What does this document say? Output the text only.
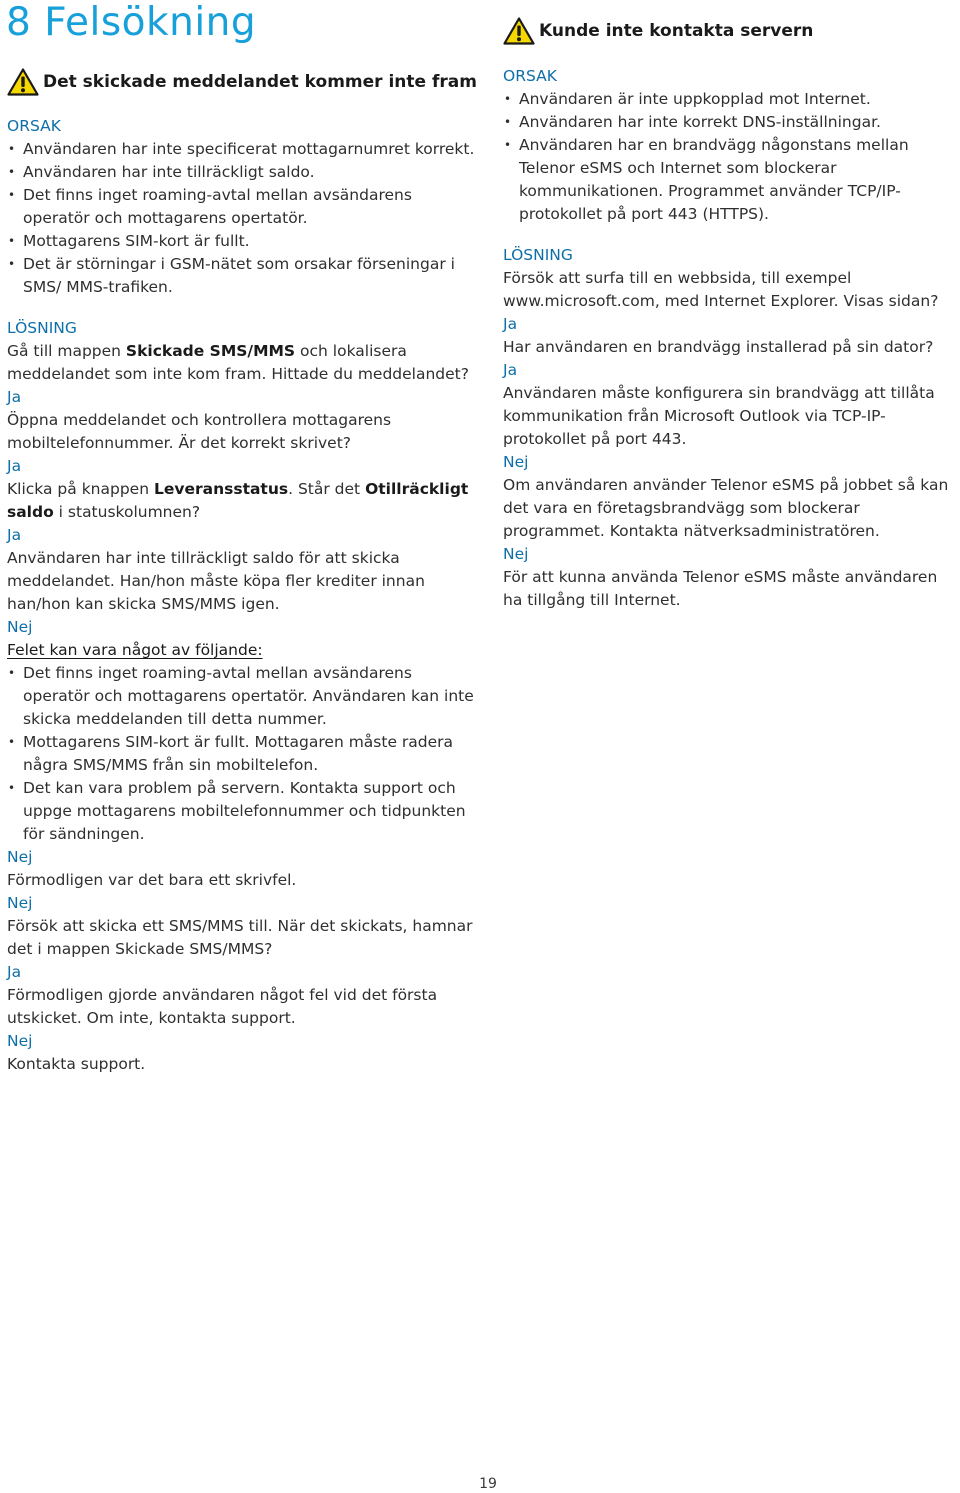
8 Felsökning
Det skickade meddelandet kommer inte fram

ORSAK

• Användaren har inte specificerat mottagarnumret korrekt.
• Användaren har inte tillräckligt saldo.
• Det finns inget roaming-avtal mellan avsändarens operatör och mottagarens opertatör.
• Mottagarens SIM-kort är fullt.
• Det är störningar i GSM-nätet som orsakar förseningar i SMS/ MMS-trafiken.

LÖSNING

Gå till mappen Skickade SMS/MMS och lokalisera meddelandet som inte kom fram. Hittade du meddelandet?

Ja

Öppna meddelandet och kontrollera mottagarens mobiltelefonnummer. Är det korrekt skrivet?

Ja

Klicka på knappen Leveransstatus. Står det Otillräckligt saldo i statuskolumnen?

Ja

Användaren har inte tillräckligt saldo för att skicka meddelandet. Han/hon måste köpa fler krediter innan han/hon kan skicka SMS/MMS igen.

Nej

Felet kan vara något av följande:

• Det finns inget roaming-avtal mellan avsändarens operatör och mottagarens opertatör. Användaren kan inte skicka meddelanden till detta nummer.
• Mottagarens SIM-kort är fullt. Mottagaren måste radera några SMS/MMS från sin mobiltelefon.
• Det kan vara problem på servern. Kontakta support och uppge mottagarens mobiltelefonnummer och tidpunkten för sändningen.

Nej

Förmodligen var det bara ett skrivfel.

Nej

Försök att skicka ett SMS/MMS till. När det skickats, hamnar det i mappen Skickade SMS/MMS?

Ja

Förmodligen gjorde användaren något fel vid det första utskicket. Om inte, kontakta support.

Nej

Kontakta support.

Kunde inte kontakta servern

ORSAK

• Användaren är inte uppkopplad mot Internet.
• Användaren har inte korrekt DNS-inställningar.
• Användaren har en brandvägg någonstans mellan Telenor eSMS och Internet som blockerar kommunikationen. Programmet använder TCP/IP-protokollet på port 443 (HTTPS).

LÖSNING

Försök att surfa till en webbsida, till exempel www.microsoft.com, med Internet Explorer. Visas sidan?

Ja

Har användaren en brandvägg installerad på sin dator?

Ja

Användaren måste konfigurera sin brandvägg att tillåta kommunikation från Microsoft Outlook via TCP-IP-protokollet på port 443.

Nej

Om användaren använder Telenor eSMS på jobbet så kan det vara en företagsbrandvägg som blockerar programmet. Kontakta nätverksadministratören.

Nej

För att kunna använda Telenor eSMS måste användaren ha tillgång till Internet.

19
